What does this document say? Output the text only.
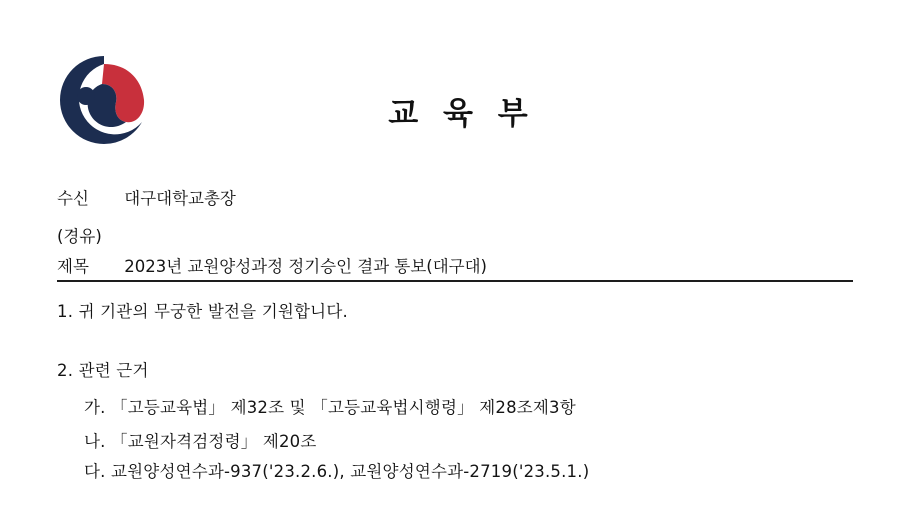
교 육 부
수신 대구대학교총장
(경유)
제목 2023년 교원양성과정 정기승인 결과 통보(대구대)
1. 귀 기관의 무궁한 발전을 기원합니다.
2. 관련 근거
가. 「고등교육법」 제32조 및 「고등교육법시행령」 제28조제3항
나. 「교원자격검정령」 제20조
다. 교원양성연수과-937('23.2.6.), 교원양성연수과-2719('23.5.1.)
